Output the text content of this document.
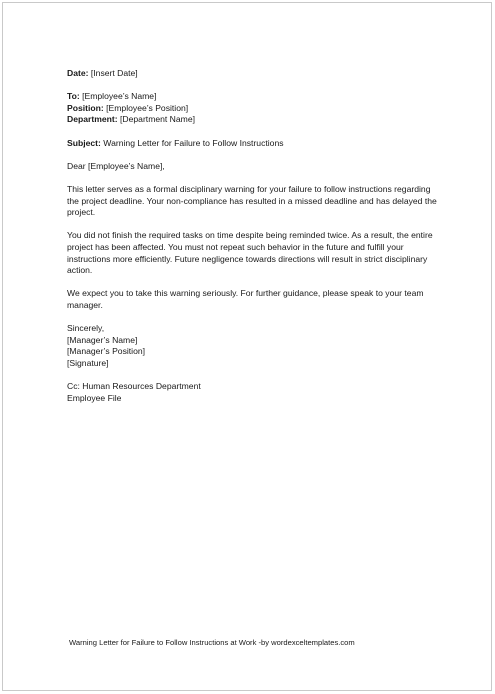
Date: [Insert Date]

To: [Employee’s Name]

Position: [Employee’s Position]

Department: [Department Name]

Subject: Warning Letter for Failure to Follow Instructions

Dear [Employee’s Name],

This letter serves as a formal disciplinary warning for your failure to follow instructions regarding the project deadline. Your non-compliance has resulted in a missed deadline and has delayed the project.

You did not finish the required tasks on time despite being reminded twice. As a result, the entire project has been affected. You must not repeat such behavior in the future and fulfill your instructions more efficiently. Future negligence towards directions will result in strict disciplinary action.

We expect you to take this warning seriously. For further guidance, please speak to your team manager.

Sincerely,

[Manager’s Name]

[Manager’s Position]

[Signature]

Cc: Human Resources Department

Employee File

Warning Letter for Failure to Follow Instructions at Work -by wordexceltemplates.com
